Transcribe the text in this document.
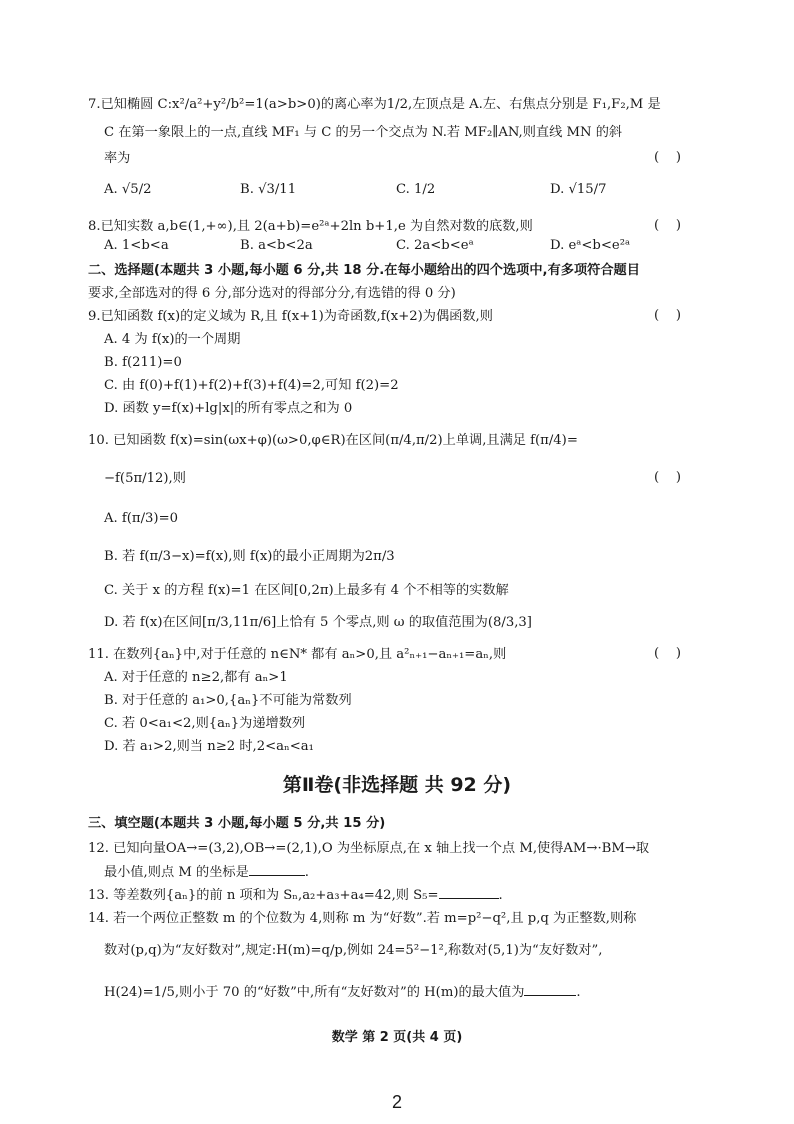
7.已知椭圆 C:x²/a²+y²/b²=1(a>b>0)的离心率为1/2,左顶点是 A.左、右焦点分别是 F₁,F₂,M 是
C 在第一象限上的一点,直线 MF₁ 与 C 的另一个交点为 N.若 MF₂∥AN,则直线 MN 的斜
率为	(    )
A. √5/2	B. √3/11	C. 1/2	D. √15/7
8.已知实数 a,b∈(1,+∞),且 2(a+b)=e²ᵃ+2ln b+1,e 为自然对数的底数,则	(    )
A. 1<b<a	B. a<b<2a	C. 2a<b<eᵃ	D. eᵃ<b<e²ᵃ
二、选择题(本题共 3 小题,每小题 6 分,共 18 分.在每小题给出的四个选项中,有多项符合题目
要求,全部选对的得 6 分,部分选对的得部分分,有选错的得 0 分)
9.已知函数 f(x)的定义域为 R,且 f(x+1)为奇函数,f(x+2)为偶函数,则	(    )
A. 4 为 f(x)的一个周期
B. f(211)=0
C. 由 f(0)+f(1)+f(2)+f(3)+f(4)=2,可知 f(2)=2
D. 函数 y=f(x)+lg|x|的所有零点之和为 0
10. 已知函数 f(x)=sin(ωx+φ)(ω>0,φ∈R)在区间(π/4,π/2)上单调,且满足 f(π/4)=
−f(5π/12),则	(    )
A. f(π/3)=0
B. 若 f(π/3−x)=f(x),则 f(x)的最小正周期为2π/3
C. 关于 x 的方程 f(x)=1 在区间[0,2π)上最多有 4 个不相等的实数解
D. 若 f(x)在区间[π/3,11π/6]上恰有 5 个零点,则 ω 的取值范围为(8/3,3]
11. 在数列{aₙ}中,对于任意的 n∈N* 都有 aₙ>0,且 a²ₙ₊₁−aₙ₊₁=aₙ,则	(    )
A. 对于任意的 n≥2,都有 aₙ>1
B. 对于任意的 a₁>0,{aₙ}不可能为常数列
C. 若 0<a₁<2,则{aₙ}为递增数列
D. 若 a₁>2,则当 n≥2 时,2<aₙ<a₁
第Ⅱ卷(非选择题 共 92 分)
三、填空题(本题共 3 小题,每小题 5 分,共 15 分)
12. 已知向量OA→=(3,2),OB→=(2,1),O 为坐标原点,在 x 轴上找一个点 M,使得AM→·BM→取
最小值,则点 M 的坐标是	.
13. 等差数列{aₙ}的前 n 项和为 Sₙ,a₂+a₃+a₄=42,则 S₅=	.
14. 若一个两位正整数 m 的个位数为 4,则称 m 为“好数”.若 m=p²−q²,且 p,q 为正整数,则称
数对(p,q)为“友好数对”,规定:H(m)=q/p,例如 24=5²−1²,称数对(5,1)为“友好数对”,
H(24)=1/5,则小于 70 的“好数”中,所有“友好数对”的 H(m)的最大值为	.
数学 第 2 页(共 4 页)
2
